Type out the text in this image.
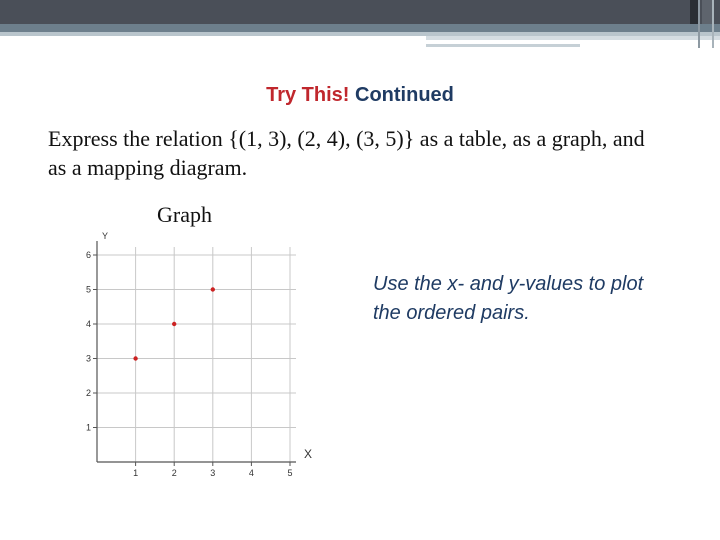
Try This! Continued
Express the relation {(1, 3), (2, 4), (3, 5)} as a table, as a graph, and as a mapping diagram.
Graph
Use the x- and y-values to plot the ordered pairs.
1	2	3	4	5
1
2
3
4
5
6
Y
X
